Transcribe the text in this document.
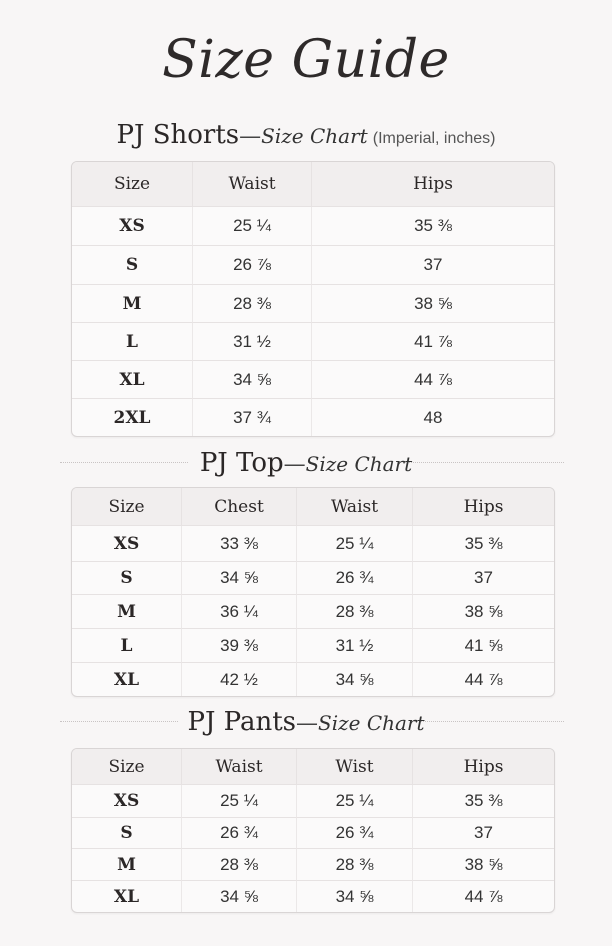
Size Guide
PJ Shorts—Size Chart (Imperial, inches)
Size	Waist	Hips
XS	25 ¼	35 ⅜
S	26 ⅞	37
M	28 ⅜	38 ⅝
L	31 ½	41 ⅞
XL	34 ⅝	44 ⅞
2XL	37 ¾	48
PJ Top—Size Chart
Size	Chest	Waist	Hips
XS	33 ⅜	25 ¼	35 ⅜
S	34 ⅝	26 ¾	37
M	36 ¼	28 ⅜	38 ⅝
L	39 ⅜	31 ½	41 ⅝
XL	42 ½	34 ⅝	44 ⅞
PJ Pants—Size Chart
Size	Waist	Wist	Hips
XS	25 ¼	25 ¼	35 ⅜
S	26 ¾	26 ¾	37
M	28 ⅜	28 ⅜	38 ⅝
XL	34 ⅝	34 ⅝	44 ⅞
